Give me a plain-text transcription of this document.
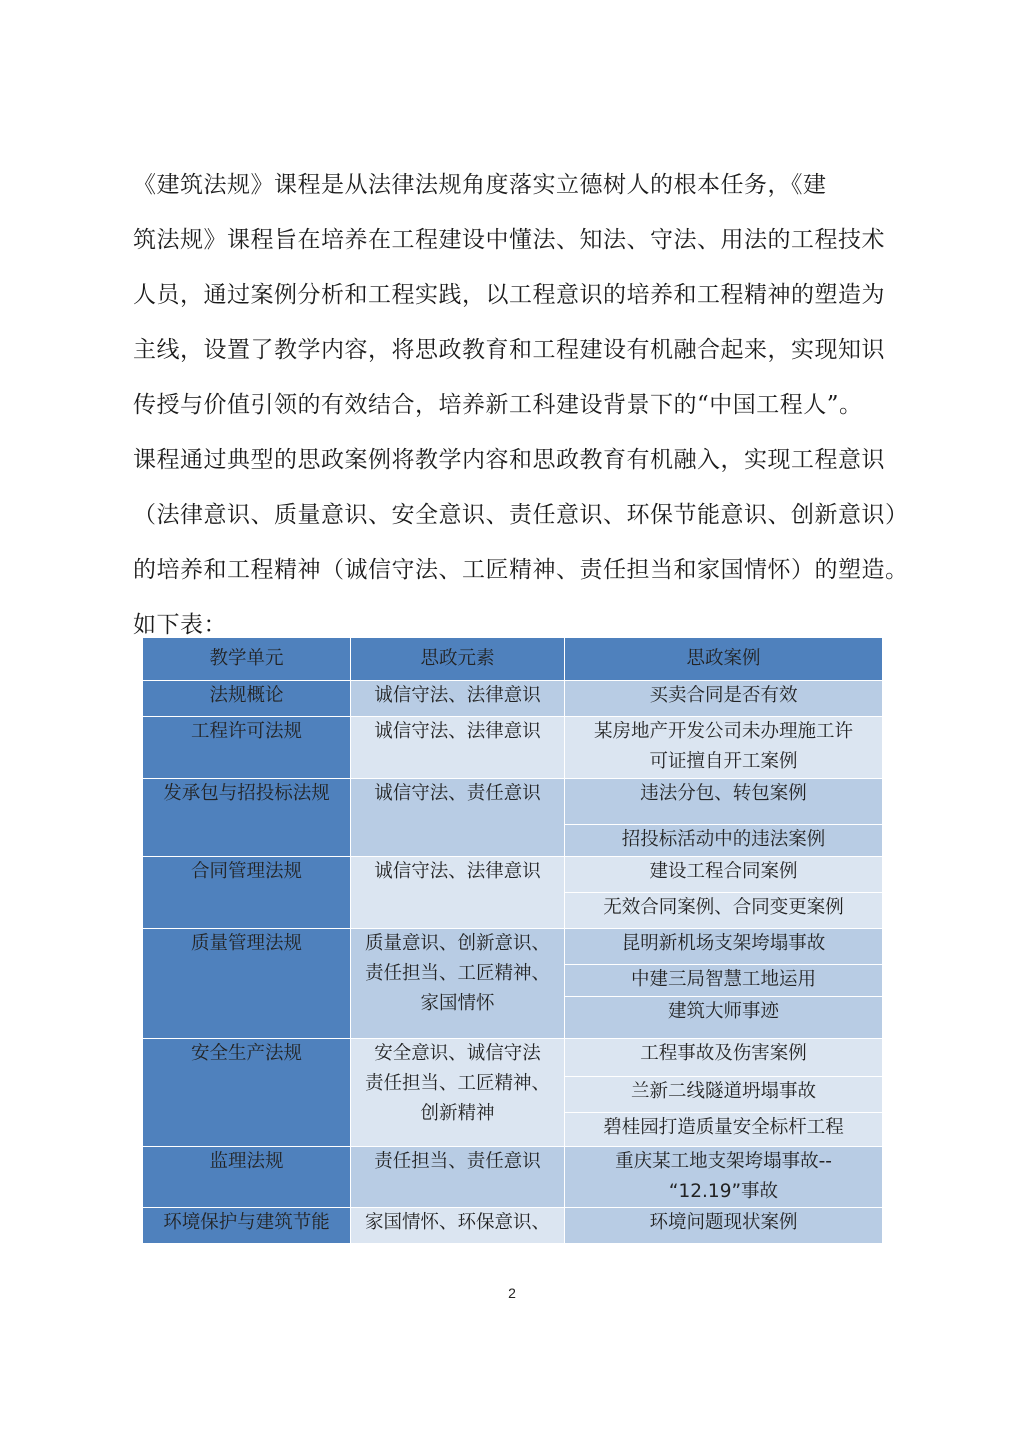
《建筑法规》课程是从法律法规角度落实立德树人的根本任务，《建
筑法规》课程旨在培养在工程建设中懂法、知法、守法、用法的工程技术
人员，通过案例分析和工程实践，以工程意识的培养和工程精神的塑造为
主线，设置了教学内容，将思政教育和工程建设有机融合起来，实现知识
传授与价值引领的有效结合，培养新工科建设背景下的“中国工程人”。
课程通过典型的思政案例将教学内容和思政教育有机融入，实现工程意识
（法律意识、质量意识、安全意识、责任意识、环保节能意识、创新意识）
的培养和工程精神（诚信守法、工匠精神、责任担当和家国情怀）的塑造。
如下表：
教学单元	思政元素	思政案例
法规概论	诚信守法、法律意识	买卖合同是否有效
工程许可法规	诚信守法、法律意识	某房地产开发公司未办理施工许
可证擅自开工案例

发承包与招投标法规	诚信守法、责任意识	违法分包、转包案例
		招投标活动中的违法案例
合同管理法规	诚信守法、法律意识	建设工程合同案例
		无效合同案例、合同变更案例
质量管理法规	质量意识、创新意识、
责任担当、工匠精神、
家国情怀	昆明新机场支架垮塌事故
		中建三局智慧工地运用
		建筑大师事迹
安全生产法规	安全意识、诚信守法
责任担当、工匠精神、
创新精神	工程事故及伤害案例
		兰新二线隧道坍塌事故
		碧桂园打造质量安全标杆工程
监理法规	责任担当、责任意识	重庆某工地支架垮塌事故--
“12.19”事故

环境保护与建筑节能	家国情怀、环保意识、	环境问题现状案例
2
